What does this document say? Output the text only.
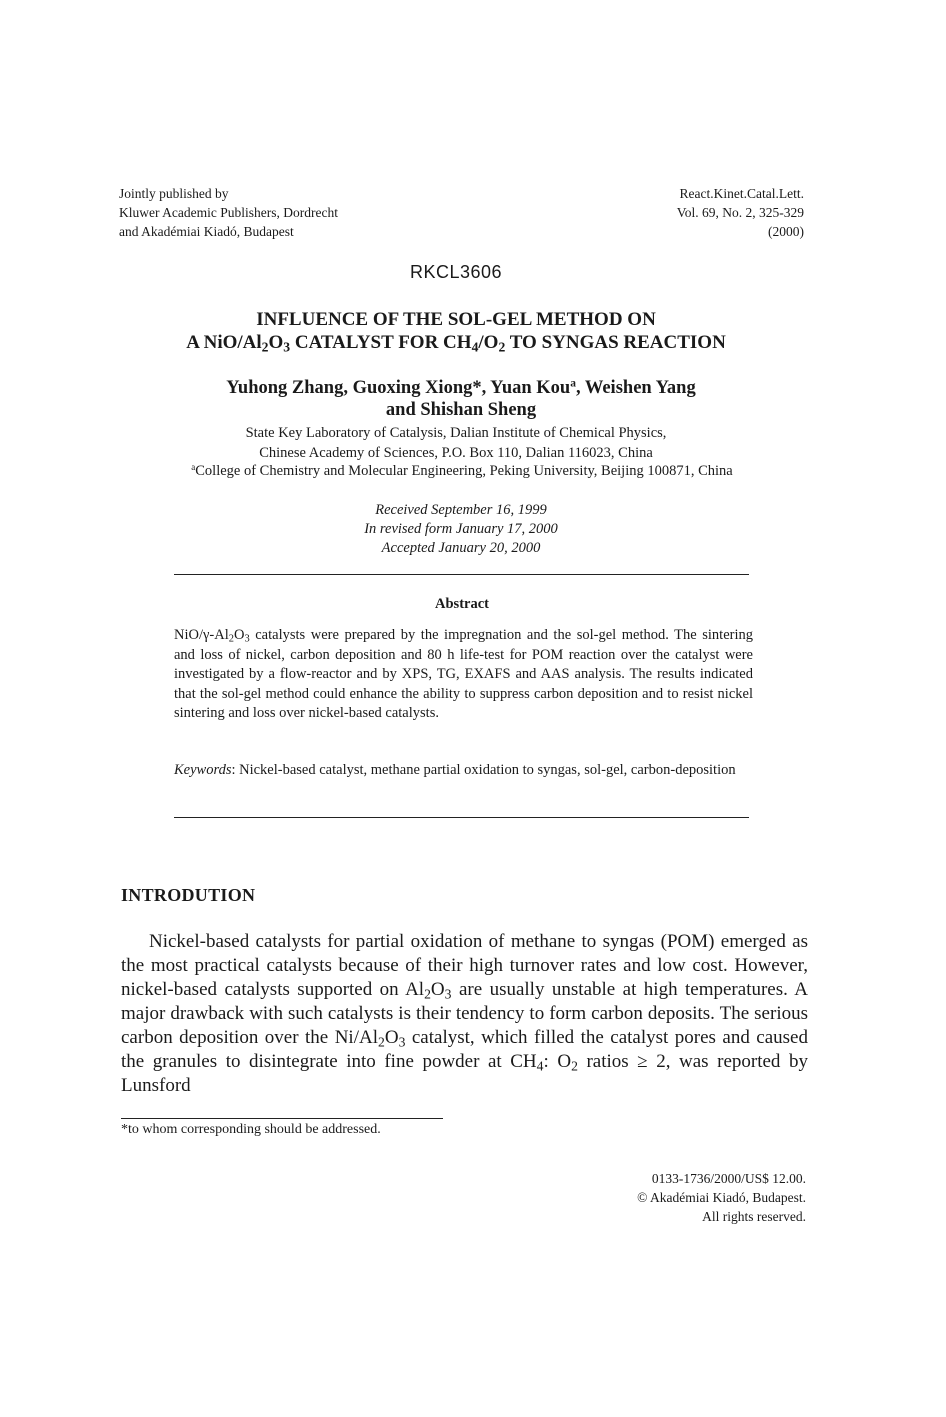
Jointly published by
Kluwer Academic Publishers, Dordrecht
and Akadémiai Kiadó, Budapest
React.Kinet.Catal.Lett.
Vol. 69, No. 2, 325-329
(2000)
RKCL3606
INFLUENCE OF THE SOL-GEL METHOD ON
A NiO/$Al_2O_3$ CATALYST FOR $CH_4/O_2$ TO SYNGAS REACTION
Yuhong Zhang, Guoxing Xiong*, Yuan Kou$^a$, Weishen Yang
and Shishan Sheng
State Key Laboratory of Catalysis, Dalian Institute of Chemical Physics,
Chinese Academy of Sciences, P.O. Box 110, Dalian 116023, China
$^a$College of Chemistry and Molecular Engineering, Peking University, Beijing 100871, China
Received September 16, 1999
In revised form January 17, 2000
Accepted January 20, 2000
Abstract
NiO/$\gamma-Al_2O_3$ catalysts were prepared by the impregnation and the sol-gel method. The sintering and loss of nickel, carbon deposition and 80 h life-test for POM reaction over the catalyst were investigated by a flow-reactor and by XPS, TG, EXAFS and AAS analysis. The results indicated that the sol-gel method could enhance the ability to suppress carbon deposition and to resist nickel sintering and loss over nickel-based catalysts.
Keywords: Nickel-based catalyst, methane partial oxidation to syngas, sol-gel, carbon-deposition
INTRODUTION
Nickel-based catalysts for partial oxidation of methane to syngas (POM) emerged as the most practical catalysts because of their high turnover rates and low cost. However, nickel-based catalysts supported on $Al_2O_3$ are usually unstable at high temperatures. A major drawback with such catalysts is their tendency to form carbon deposits. The serious carbon deposition over the $Ni/Al_2O_3$ catalyst, which filled the catalyst pores and caused the granules to disintegrate into fine powder at $CH_4$: $O_2$ ratios ≥ 2, was reported by Lunsford
*to whom corresponding should be addressed.
0133-1736/2000/US$ 12.00.
© Akadémiai Kiadó, Budapest.
All rights reserved.
